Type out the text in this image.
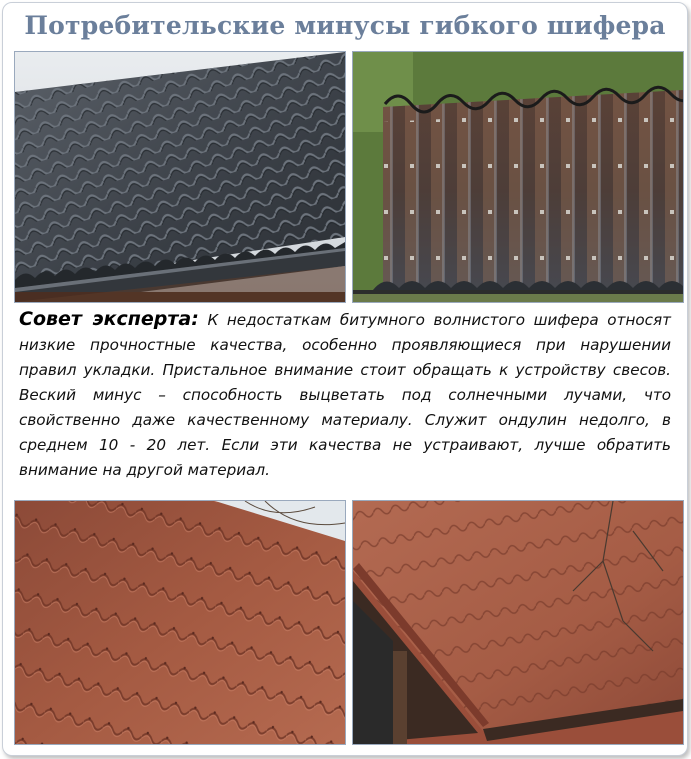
Потребительские минусы гибкого шифера
Совет эксперта: К недостаткам битумного волнистого шифера относят низкие прочностные качества, особенно проявляющиеся при нарушении правил укладки. Пристальное внимание стоит обращать к устройству свесов. Веский минус – способность выцветать под солнечными лучами, что свойственно даже качественному материалу. Служит ондулин недолго, в среднем 10 - 20 лет. Если эти качества не устраивают, лучше обратить внимание на другой материал.
